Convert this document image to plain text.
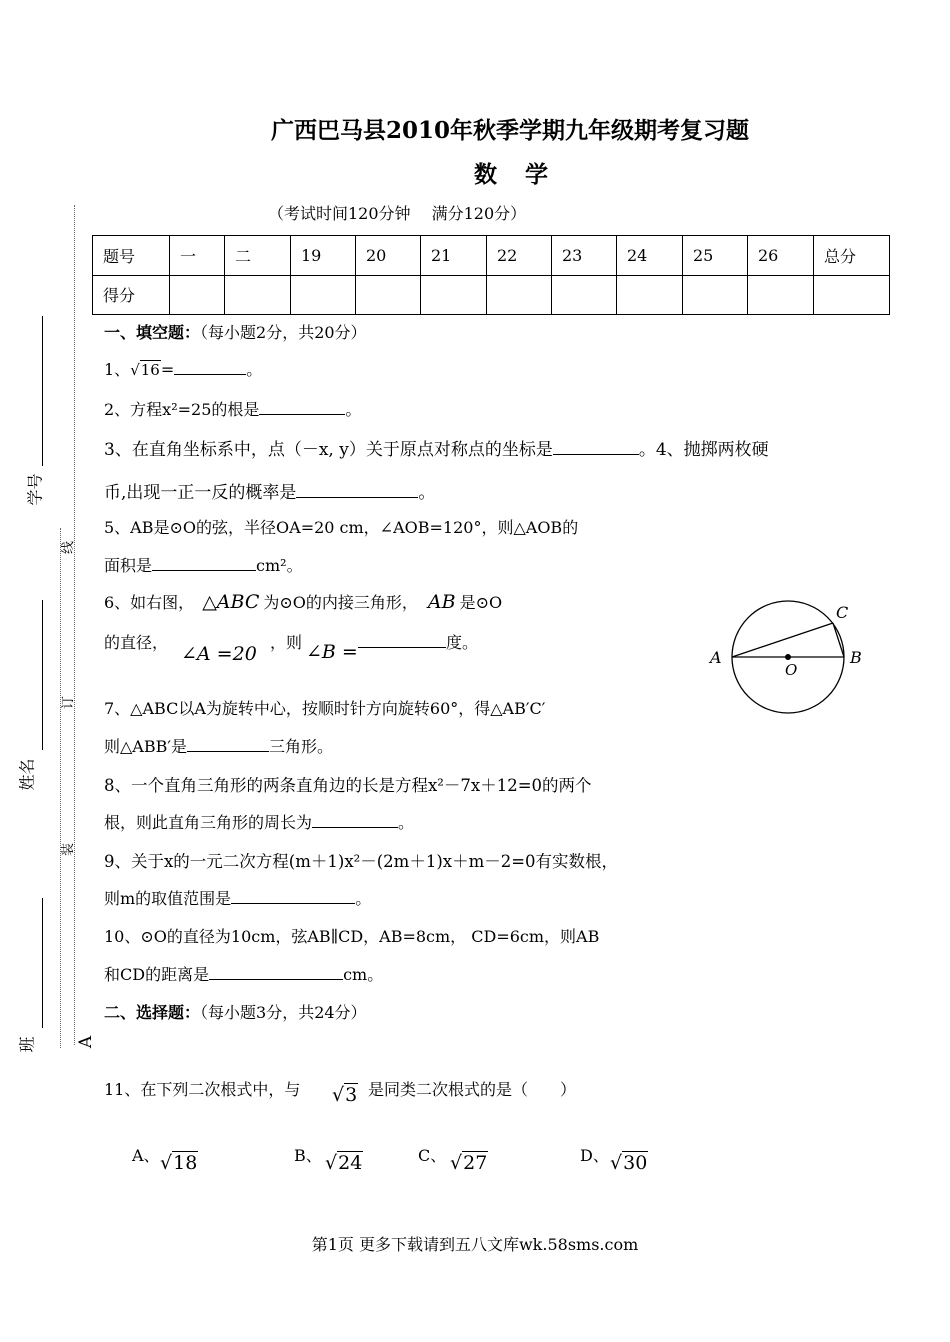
广西巴马县2010年秋季学期九年级期考复习题
数学
（考试时间120分钟　 满分120分）
题号	一	二	19	20	21	22	23	24	25	26	总分
得分											
学号
线
姓名
订
装
班 A
一、填空题：（每小题2分，共20分）
1、√16=	。
2、方程x²=25的根是	。
3、在直角坐标系中，点（－x, y）关于原点对称点的坐标是	。4、抛掷两枚硬
币,出现一正一反的概率是	。
5、AB是⊙O的弦，半径OA=20 cm，∠AOB=120°，则△AOB的
面积是	cm²。
6、如右图， △ABC 为⊙O的内接三角形， AB 是⊙O
的直径，
∠A =20
，则 ∠B =	度。
A	B
C
O
7、△ABC以A为旋转中心，按顺时针方向旋转60°，得△AB′C′
则△ABB′是	三角形。
8、一个直角三角形的两条直角边的长是方程x²－7x＋12=0的两个
根，则此直角三角形的周长为	。
9、关于x的一元二次方程(m＋1)x²－(2m＋1)x＋m－2=0有实数根，
则m的取值范围是	。
10、⊙O的直径为10cm，弦AB∥CD，AB=8cm， CD=6cm，则AB
和CD的距离是	cm。
二、选择题：（每小题3分，共24分）
11、在下列二次根式中，与 √3 是同类二次根式的是（　　）
A、 √18	B、 √24	C、 √27	D、 √30
第1页 更多下载请到五八文库wk.58sms.com
